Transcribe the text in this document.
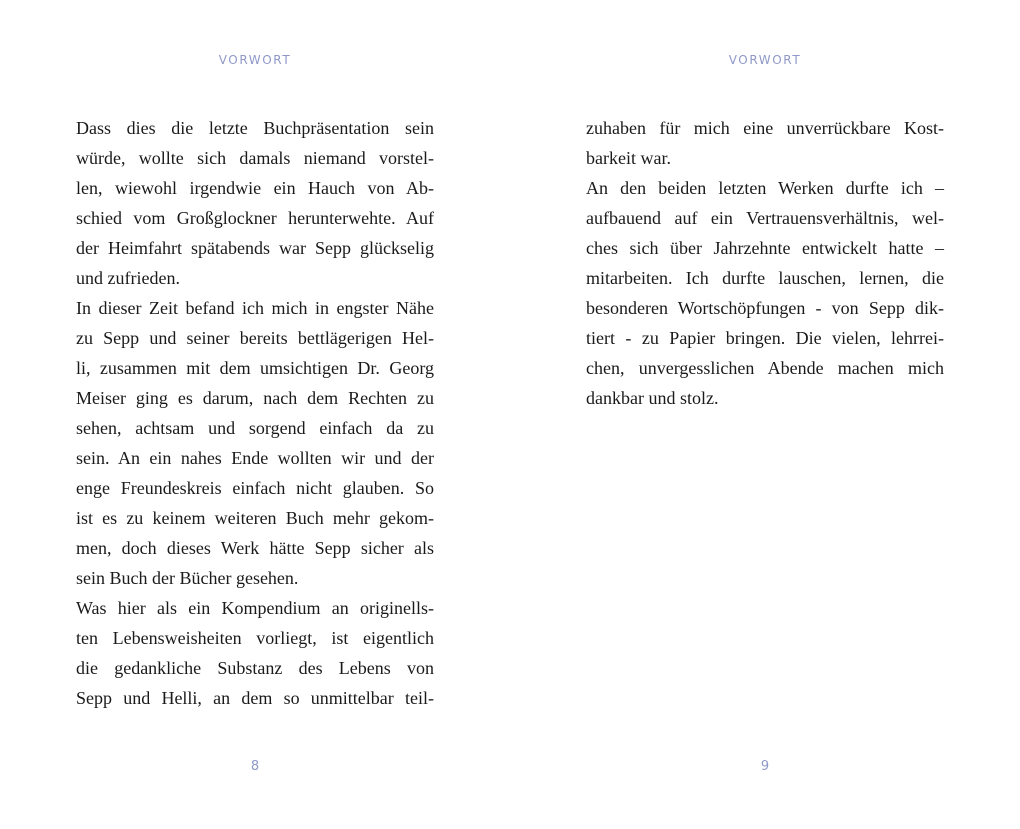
VORWORT
Dass dies die letzte Buchpräsentation sein
würde, wollte sich damals niemand vorstel-
len, wiewohl irgendwie ein Hauch von Ab-
schied vom Großglockner herunterwehte. Auf
der Heimfahrt spätabends war Sepp glückselig
und zufrieden.
In dieser Zeit befand ich mich in engster Nähe
zu Sepp und seiner bereits bettlägerigen Hel-
li, zusammen mit dem umsichtigen Dr. Georg
Meiser ging es darum, nach dem Rechten zu
sehen, achtsam und sorgend einfach da zu
sein. An ein nahes Ende wollten wir und der
enge Freundeskreis einfach nicht glauben. So
ist es zu keinem weiteren Buch mehr gekom-
men, doch dieses Werk hätte Sepp sicher als
sein Buch der Bücher gesehen.
Was hier als ein Kompendium an originells-
ten Lebensweisheiten vorliegt, ist eigentlich
die gedankliche Substanz des Lebens von
Sepp und Helli, an dem so unmittelbar teil-
8
VORWORT
zuhaben für mich eine unverrückbare Kost-
barkeit war.
An den beiden letzten Werken durfte ich –
aufbauend auf ein Vertrauensverhältnis, wel-
ches sich über Jahrzehnte entwickelt hatte –
mitarbeiten. Ich durfte lauschen, lernen, die
besonderen Wortschöpfungen - von Sepp dik-
tiert - zu Papier bringen. Die vielen, lehrrei-
chen, unvergesslichen Abende machen mich
dankbar und stolz.
9
